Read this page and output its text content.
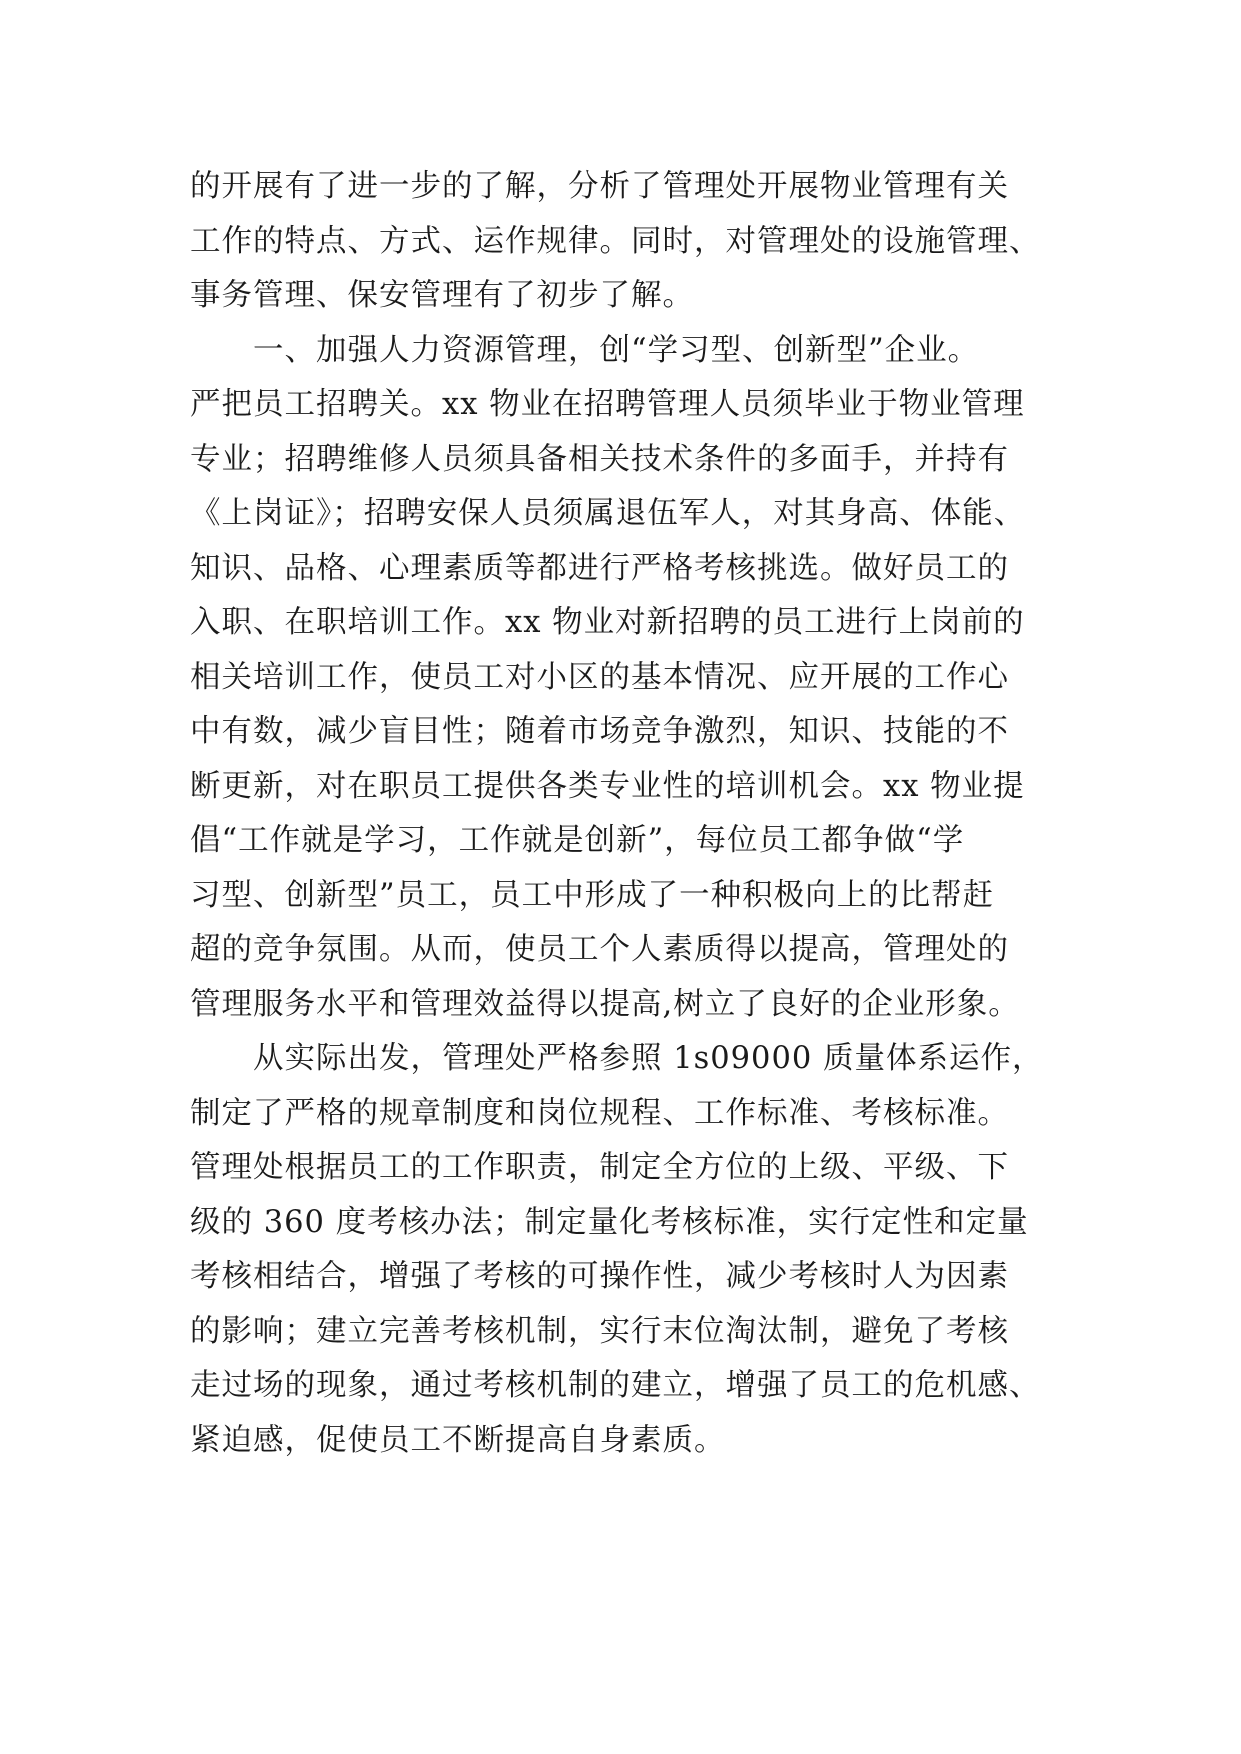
的开展有了进一步的了解，分析了管理处开展物业管理有关
工作的特点、方式、运作规律。同时，对管理处的设施管理、
事务管理、保安管理有了初步了解。
　　一、加强人力资源管理，创“学习型、创新型”企业。
严把员工招聘关。xx 物业在招聘管理人员须毕业于物业管理
专业；招聘维修人员须具备相关技术条件的多面手，并持有
《上岗证》；招聘安保人员须属退伍军人，对其身高、体能、
知识、品格、心理素质等都进行严格考核挑选。做好员工的
入职、在职培训工作。xx 物业对新招聘的员工进行上岗前的
相关培训工作，使员工对小区的基本情况、应开展的工作心
中有数，减少盲目性；随着市场竞争激烈，知识、技能的不
断更新，对在职员工提供各类专业性的培训机会。xx 物业提
倡“工作就是学习，工作就是创新”，每位员工都争做“学
习型、创新型”员工，员工中形成了一种积极向上的比帮赶
超的竞争氛围。从而，使员工个人素质得以提高，管理处的
管理服务水平和管理效益得以提高,树立了良好的企业形象。
　　从实际出发，管理处严格参照 1s09000 质量体系运作，
制定了严格的规章制度和岗位规程、工作标准、考核标准。
管理处根据员工的工作职责，制定全方位的上级、平级、下
级的 360 度考核办法；制定量化考核标准，实行定性和定量
考核相结合，增强了考核的可操作性，减少考核时人为因素
的影响；建立完善考核机制，实行末位淘汰制，避免了考核
走过场的现象，通过考核机制的建立，增强了员工的危机感、
紧迫感，促使员工不断提高自身素质。
